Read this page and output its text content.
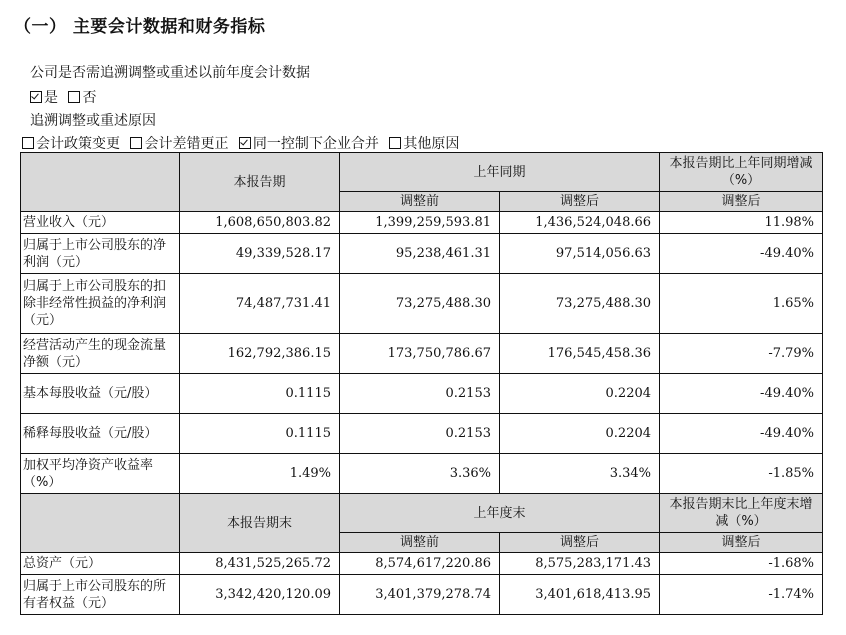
（一） 主要会计数据和财务指标
公司是否需追溯调整或重述以前年度会计数据
是 否
追溯调整或重述原因
会计政策变更 会计差错更正 同一控制下企业合并 其他原因
	本报告期	上年同期		本报告期比上年同期增减（%）
		调整前	调整后	调整后
营业收入（元）	1,608,650,803.82	1,399,259,593.81	1,436,524,048.66	11.98%
归属于上市公司股东的净利润（元）	49,339,528.17	95,238,461.31	97,514,056.63	-49.40%
归属于上市公司股东的扣除非经常性损益的净利润（元）	74,487,731.41	73,275,488.30	73,275,488.30	1.65%
经营活动产生的现金流量净额（元）	162,792,386.15	173,750,786.67	176,545,458.36	-7.79%
基本每股收益（元/股）	0.1115	0.2153	0.2204	-49.40%
稀释每股收益（元/股）	0.1115	0.2153	0.2204	-49.40%
加权平均净资产收益率（%）	1.49%	3.36%	3.34%	-1.85%
	本报告期末	上年度末		本报告期末比上年度末增减（%）
		调整前	调整后	调整后
总资产（元）	8,431,525,265.72	8,574,617,220.86	8,575,283,171.43	-1.68%
归属于上市公司股东的所有者权益（元）	3,342,420,120.09	3,401,379,278.74	3,401,618,413.95	-1.74%
